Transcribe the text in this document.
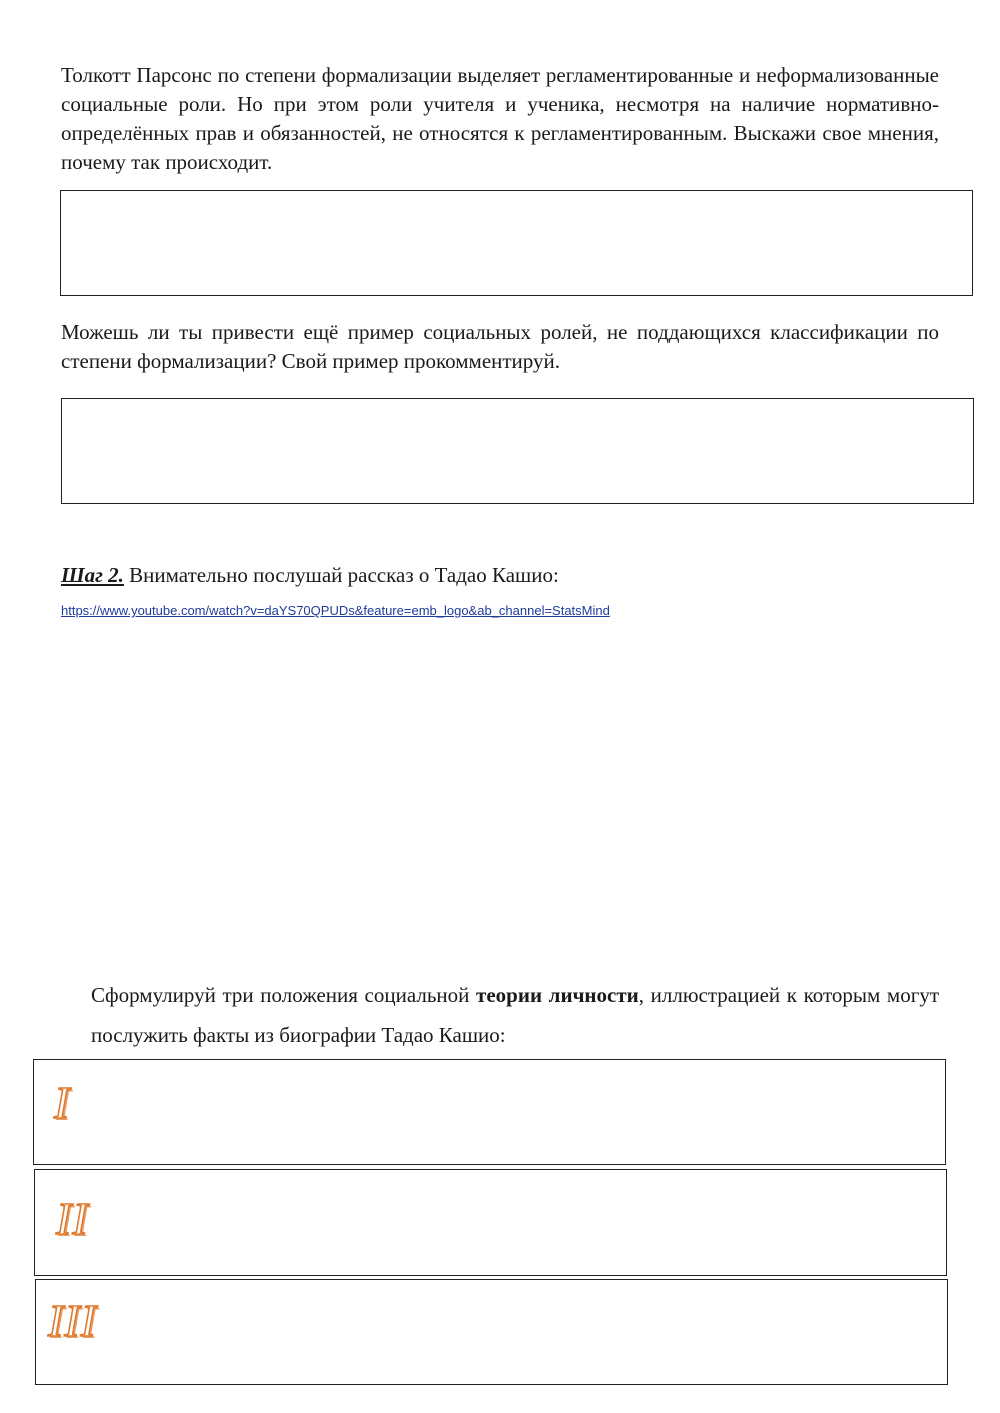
Толкотт Парсонс по степени формализации выделяет регламентированные и неформализованные социальные роли. Но при этом роли учителя и ученика, несмотря на наличие нормативно-определённых прав и обязанностей, не относятся к регламентированным. Выскажи свое мнения, почему так происходит.

Можешь ли ты привести ещё пример социальных ролей, не поддающихся классификации по степени формализации? Свой пример прокомментируй.

Шаг 2. Внимательно послушай рассказ о Тадао Кашио:

https://www.youtube.com/watch?v=daYS70QPUDs&feature=emb_logo&ab_channel=StatsMind

Сформулируй три положения социальной теории личности, иллюстрацией к которым могут послужить факты из биографии Тадао Кашио:

I
II
III
